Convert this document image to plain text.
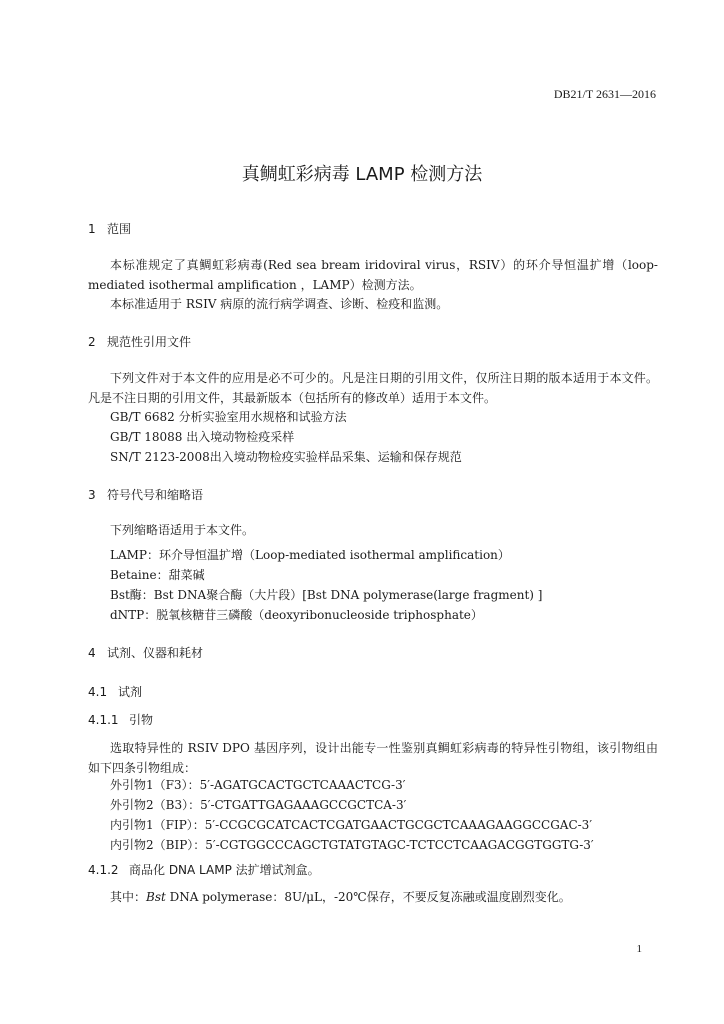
DB21/T 2631—2016
真鲷虹彩病毒 LAMP 检测方法
1 范围
本标准规定了真鲷虹彩病毒(Red sea bream iridoviral virus，RSIV）的环介导恒温扩增（loop-mediated isothermal amplification ，LAMP）检测方法。
本标准适用于 RSIV 病原的流行病学调查、诊断、检疫和监测。
2 规范性引用文件
下列文件对于本文件的应用是必不可少的。凡是注日期的引用文件，仅所注日期的版本适用于本文件。凡是不注日期的引用文件，其最新版本（包括所有的修改单）适用于本文件。
GB/T 6682 分析实验室用水规格和试验方法
GB/T 18088 出入境动物检疫采样
SN/T 2123-2008出入境动物检疫实验样品采集、运输和保存规范
3 符号代号和缩略语
下列缩略语适用于本文件。
LAMP：环介导恒温扩增（Loop-mediated isothermal amplification）
Betaine：甜菜碱
Bst酶：Bst DNA聚合酶（大片段）[Bst DNA polymerase(large fragment) ]
dNTP：脱氧核糖苷三磷酸（deoxyribonucleoside triphosphate）
4 试剂、仪器和耗材
4.1 试剂
4.1.1 引物
选取特异性的 RSIV DPO 基因序列，设计出能专一性鉴别真鲷虹彩病毒的特异性引物组，该引物组由如下四条引物组成：
外引物1（F3）：5′-AGATGCACTGCTCAAACTCG-3′
外引物2（B3）：5′-CTGATTGAGAAAGCCGCTCA-3′
内引物1（FIP）：5′-CCGCGCATCACTCGATGAACTGCGCTCAAAGAAGGCCGAC-3′
内引物2（BIP）：5′-CGTGGCCCAGCTGTATGTAGC-TCTCCTCAAGACGGTGGTG-3′
4.1.2 商品化 DNA LAMP 法扩增试剂盒。
其中：Bst DNA polymerase：8U/μL，-20℃保存，不要反复冻融或温度剧烈变化。
1
